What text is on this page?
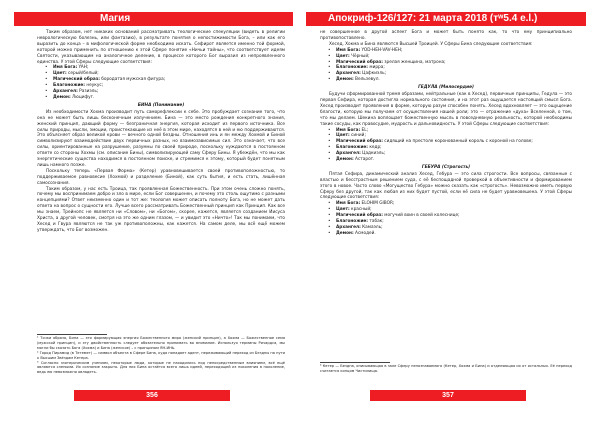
Магия	Апокриф-126/127: 21 марта 2018 (тʷ5.4 e.l.)

Таким образом, нет никаких оснований рассматривать теологические спекуляции (видеть в религии неврологическую болезнь, или фантазию), в результате понятия о непостижимости Бога, – или как его выразить до конца – в мифологической форме необходимо искать. Сефирот является именно той формой, которой можно применить по отношению к этой Сфере понятие «Ничьи тайны», что соответствует идеям Святости, указывающим на аналогичное деление, в процессе которого Бог выразил из непроявленного единства. У этой Сферы следующие соответствия:

• Имя Бога: YAH;
• Цвет: серый/белый;
• Магический образ: бородатая мужская фигура;
• Благоножие: неукус;
• Архангел: Разиэль;
• Демон: Люцифуг.
БИНА (Понимание)

Из необходимости Хохма производит путь саморефлексии к себе. Это пробуждает сознание того, что она не может быть лишь бесконечным излучением. Бина — это место рождения конкретного знания, женский принцип, дающий форму — безграничная энергия, которая исходит из первого источника. Все силы природы, мысли, эмоции, проистекающие из неё в этом мире, находятся в ней и ею поддерживаются. Это объясняет образ великой крови — вечного одной бездны. Отношения инь и ян между Хохмой и Биной символизируют взаимодействие двух первичных разных, но взаимозависимых сил. Это означает, что все силы, ориентированные на разрушение, разумны по своей природе, поскольку нуждаются в постоянном ответе со стороны Хохмы (см. описание Бины), символизирующей саму Сферу Бины. Я убеждён, что мы как энергетические существа находимся в постоянном поиске, и стремимся к этому, который будет понятным лишь намного позже.

Поскольку теперь «Первая Форма» (Кетер) уравновешивается своей противоположностью, то поддерживаемое равновесие (Хохмой) и разделение (Биной), как суть бытия, и есть стать, лишённая самосознания.

Таким образом, у нас есть Троица, так проявленная Божественность. При этом очень сложно понять, почему мы воспринимаем добро и зло в мире, если Бог совершенен, и почему это столь ощутимо с разными концепциями? Ответ неизменно один и тот же: теология может описать полноту Бога, но не может дать ответа на вопрос о сущности его. Лучше всего рассматривать Божественный принцип как Принцип. Как все мы знаем, Трейнопс не является ни «Словом», ни «Богом», скорее, кажется, является созданием Иисуса Христа, а другой человек, смотря на это же одним глазом, — и увидит это «Ничто»! Так мы понимаем, что Хесед и Гвура являются не так уж противоположны, как кажется. На самом деле, мы всё ещё можем утверждать, что Бог возможен.

¹ Точки образа, Бина — это формирующая энергия Божественного мира (женский принцип), а Хохма — Божественное семя (мужской принцип), и эту двойственность следует обязательно принимать во внимание. Используя термины Ричардса, мы могли бы сказать Бога (Хохма) и Бина (женское) – с принципом ЯН-ИНЬ.

² Город Пирамид (в Тетемет) — символ объекта в Сфере Бина, куда попадает адепт, переживающий переход из Бездны на пути к Высшим Звёздам Кетера.

³ Согласно эзотерическим учениям, некоторые люди, которые не находились под непосредственным влиянием, всё ещё являются слепыми. Их сознание закрыто. Для них Бина остаётся всего лишь идеей, переходящей из поколения в поколение, ведь ею невозможно овладеть.

не совершенное в другой аспект Бога и может быть понято как, то что ему принципиально противопоставлено.

Хесед, Хокма и Бина являются Высшей Троицей. У Сферы Бина следующие соответствия:

• Имя Бога: YOD-HEH-VAV-HEH;
• Цвет: Чёрный;
• Магический образ: зрелая женщина, матрона;
• Благоножие: мирра;
• Архангел: Цафкиэль;
• Демон: Вельзевул.
ГЕДУЛА (Милосердие)

Будучи сформированной тремя образами, нейтральные (как в Хесед), первичные принципы, Гедула — это первая Сефира, которая достигла нормального состояния, и на этот раз ощущается настоящий смысл Бога. Хесед производит проявления в форме, которую разум способен понять. Хесед вдохновляет — это ощущение благости, которую мы получаем от осуществления нашей роли; это — отражение «духа» Вселенной, о том, что мы делаем. Шекина воплощает божественную мысль в повседневную реальность, которой необходимы такие сосуды, как правосудие, мудрость и дальновидность. У этой Сферы следующие соответствия:

• Имя Бога: EL;
• Цвет: синий;
• Магический образ: сидящий на престоле коронованный король с короной на голове;
• Благоножие: кедр;
• Архангел: Цадкиэль;
• Демон: Астарот.
ГЕБУРА (Строгость)

Пятая Сефира, динамический анализ Хесед, Гебура — это сила строгости. Все вопросы, связанные с властью и бесстрастным решением суда, с её беспощадной проверкой в объективности и формированием этого в новое. Часто слово «Могущество Гебура» можно сказать как «строгость». Невозможно иметь первую Сферу без другой, так как любая из них будет пустой, если её сила не будет уравновешена. У этой Сферы следующие соответствия:

• Имя Бога: ELOHIM GIBOR;
• Цвет: красный;
• Магический образ: могучий воин в своей колеснице;
• Благоножие: табак;
• Архангел: Камаэль;
• Демон: Асмодей.

⁴ Кетер — Бездна, описывающая в зале Сферу непознаваемого (Кетер, Хохма и Бина) и отделяющая их от остальных. Её переход считается концом Чистилища.

356	357
